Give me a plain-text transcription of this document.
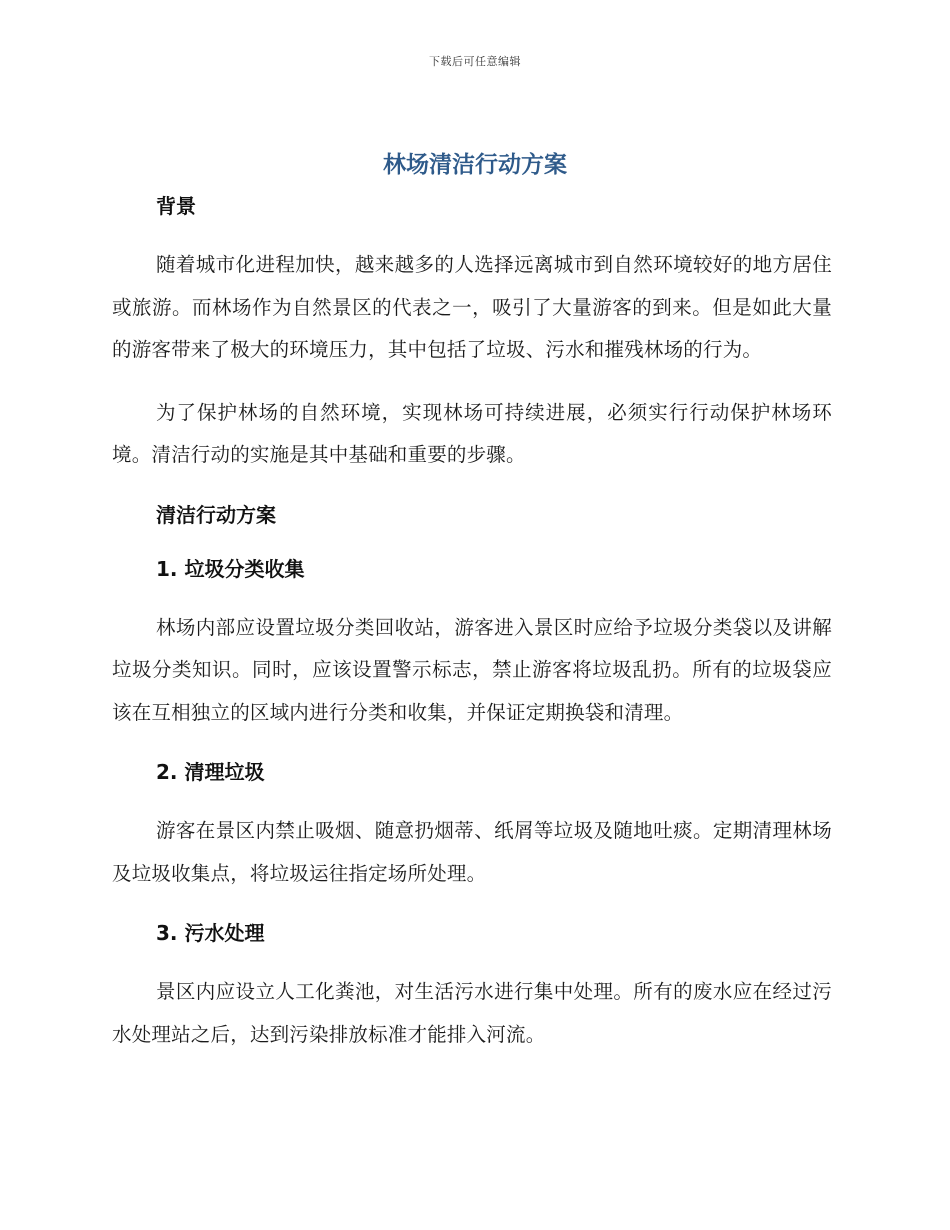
下载后可任意编辑
林场清洁行动方案
背景

随着城市化进程加快，越来越多的人选择远离城市到自然环境较好的地方居住或旅游。而林场作为自然景区的代表之一，吸引了大量游客的到来。但是如此大量的游客带来了极大的环境压力，其中包括了垃圾、污水和摧残林场的行为。

为了保护林场的自然环境，实现林场可持续进展，必须实行行动保护林场环境。清洁行动的实施是其中基础和重要的步骤。

清洁行动方案
1. 垃圾分类收集

林场内部应设置垃圾分类回收站，游客进入景区时应给予垃圾分类袋以及讲解垃圾分类知识。同时，应该设置警示标志，禁止游客将垃圾乱扔。所有的垃圾袋应该在互相独立的区域内进行分类和收集，并保证定期换袋和清理。

2. 清理垃圾

游客在景区内禁止吸烟、随意扔烟蒂、纸屑等垃圾及随地吐痰。定期清理林场及垃圾收集点，将垃圾运往指定场所处理。

3. 污水处理

景区内应设立人工化粪池，对生活污水进行集中处理。所有的废水应在经过污水处理站之后，达到污染排放标准才能排入河流。
